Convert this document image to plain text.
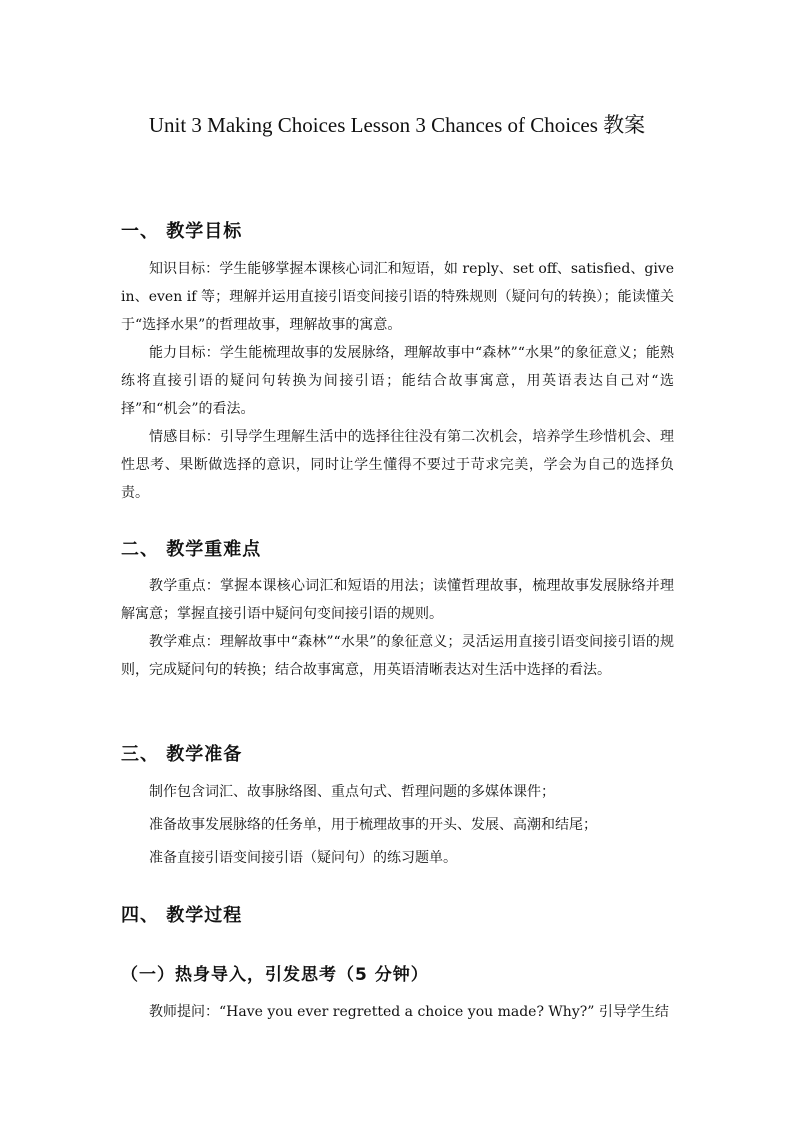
Unit 3 Making Choices Lesson 3 Chances of Choices 教案
一、 教学目标
知识目标：学生能够掌握本课核心词汇和短语，如 reply、set off、satisfied、give in、even if 等；理解并运用直接引语变间接引语的特殊规则（疑问句的转换）；能读懂关于“选择水果”的哲理故事，理解故事的寓意。
能力目标：学生能梳理故事的发展脉络，理解故事中“森林”“水果”的象征意义；能熟练将直接引语的疑问句转换为间接引语；能结合故事寓意，用英语表达自己对“选择”和“机会”的看法。
情感目标：引导学生理解生活中的选择往往没有第二次机会，培养学生珍惜机会、理性思考、果断做选择的意识，同时让学生懂得不要过于苛求完美，学会为自己的选择负责。
二、 教学重难点
教学重点：掌握本课核心词汇和短语的用法；读懂哲理故事，梳理故事发展脉络并理解寓意；掌握直接引语中疑问句变间接引语的规则。
教学难点：理解故事中“森林”“水果”的象征意义；灵活运用直接引语变间接引语的规则，完成疑问句的转换；结合故事寓意，用英语清晰表达对生活中选择的看法。
三、 教学准备
制作包含词汇、故事脉络图、重点句式、哲理问题的多媒体课件；
准备故事发展脉络的任务单，用于梳理故事的开头、发展、高潮和结尾；
准备直接引语变间接引语（疑问句）的练习题单。
四、 教学过程
（一）热身导入，引发思考（5 分钟）
教师提问：“Have you ever regretted a choice you made? Why?” 引导学生结
